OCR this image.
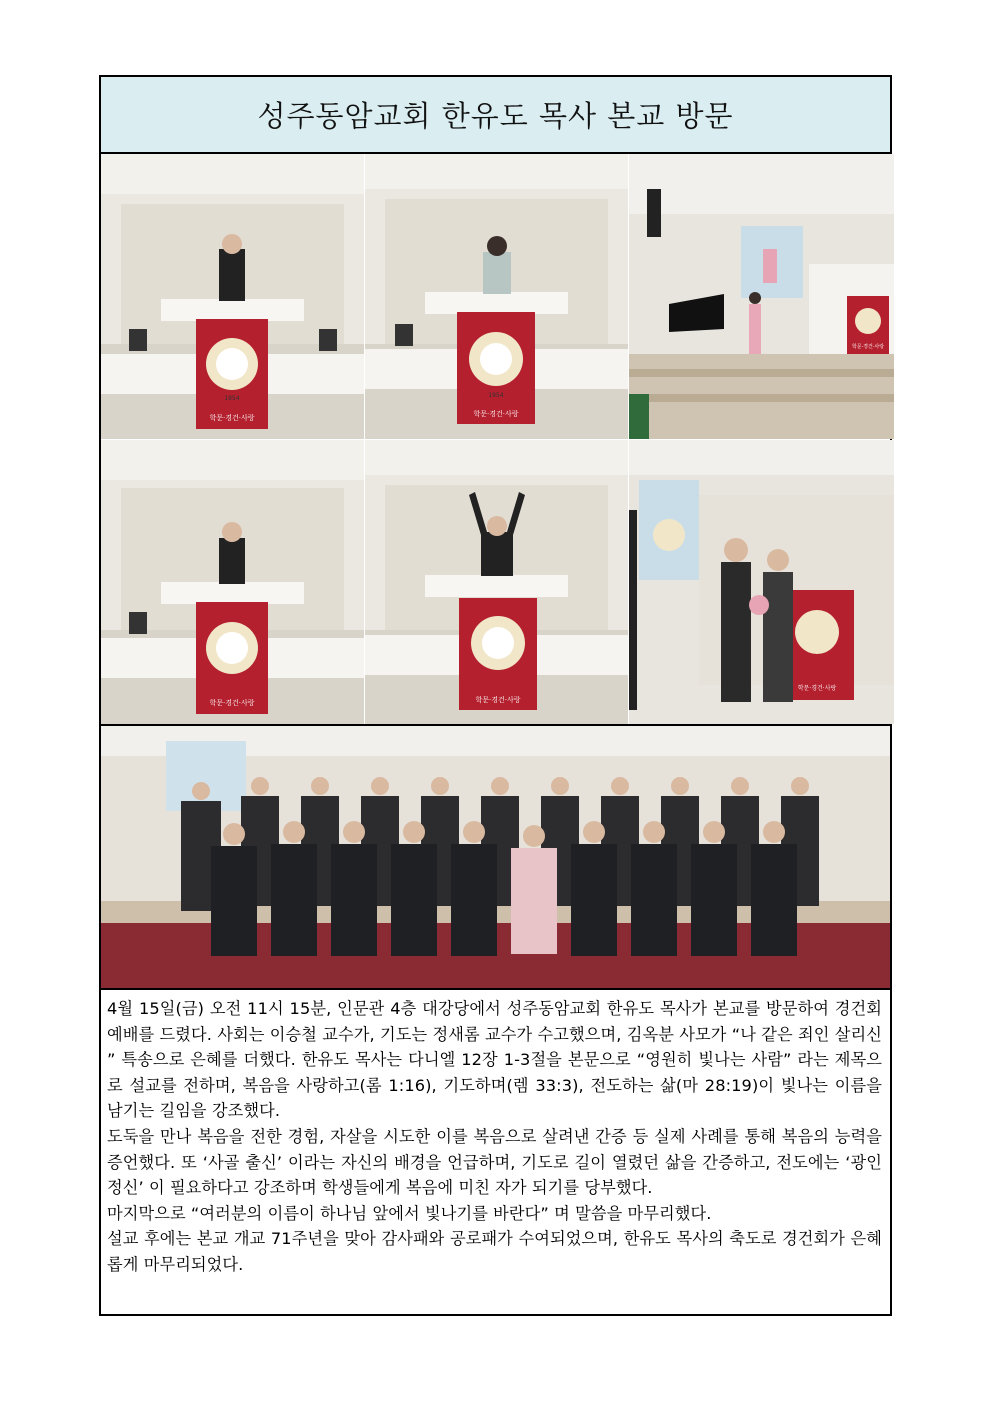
성주동암교회 한유도 목사 본교 방문
학문·경건·사랑
1954
학문·경건·사랑
1954
학문·경건·사랑
학문·경건·사랑	학문·경건·사랑
학문·경건·사랑

4월 15일(금) 오전 11시 15분, 인문관 4층 대강당에서 성주동암교회 한유도 목사가 본교를 방문하여 경건회 예배를 드렸다. 사회는 이승철 교수가, 기도는 정새롬 교수가 수고했으며, 김옥분 사모가 “나 같은 죄인 살리신 ” 특송으로 은혜를 더했다. 한유도 목사는 다니엘 12장 1-3절을 본문으로 “영원히 빛나는 사람” 라는 제목으로 설교를 전하며, 복음을 사랑하고(롬 1:16), 기도하며(렘 33:3), 전도하는 삶(마 28:19)이 빛나는 이름을 남기는 길임을 강조했다.

도둑을 만나 복음을 전한 경험, 자살을 시도한 이를 복음으로 살려낸 간증 등 실제 사례를 통해 복음의 능력을 증언했다. 또 ‘사골 출신’ 이라는 자신의 배경을 언급하며, 기도로 길이 열렸던 삶을 간증하고, 전도에는 ‘광인정신’ 이 필요하다고 강조하며 학생들에게 복음에 미친 자가 되기를 당부했다.

마지막으로 “여러분의 이름이 하나님 앞에서 빛나기를 바란다” 며 말씀을 마무리했다.

설교 후에는 본교 개교 71주년을 맞아 감사패와 공로패가 수여되었으며, 한유도 목사의 축도로 경건회가 은혜롭게 마무리되었다.
